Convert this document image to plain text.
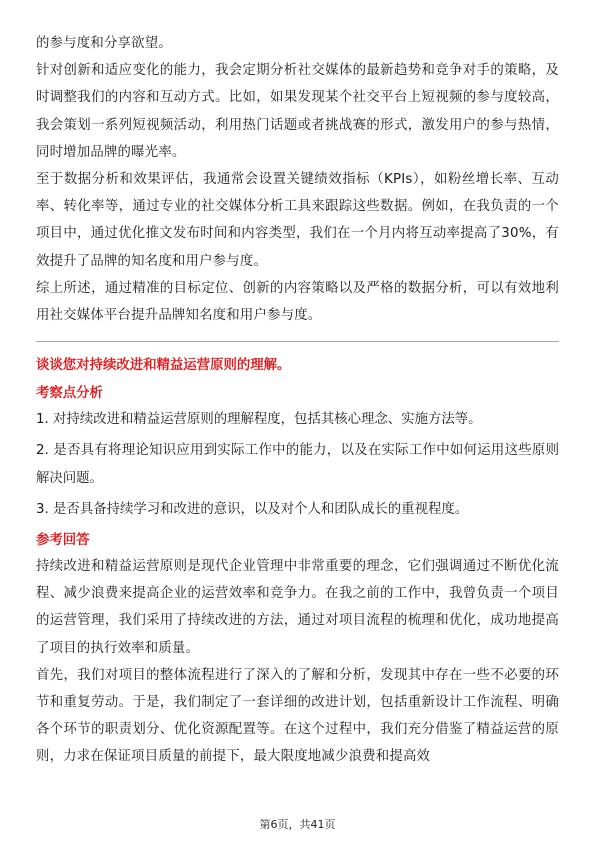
的参与度和分享欲望。

针对创新和适应变化的能力，我会定期分析社交媒体的最新趋势和竞争对手的策略，及时调整我们的内容和互动方式。比如，如果发现某个社交平台上短视频的参与度较高，我会策划一系列短视频活动，利用热门话题或者挑战赛的形式，激发用户的参与热情，同时增加品牌的曝光率。

至于数据分析和效果评估，我通常会设置关键绩效指标（KPIs），如粉丝增长率、互动率、转化率等，通过专业的社交媒体分析工具来跟踪这些数据。例如，在我负责的一个项目中，通过优化推文发布时间和内容类型，我们在一个月内将互动率提高了30%，有效提升了品牌的知名度和用户参与度。

综上所述，通过精准的目标定位、创新的内容策略以及严格的数据分析，可以有效地利用社交媒体平台提升品牌知名度和用户参与度。

谈谈您对持续改进和精益运营原则的理解。

考察点分析

1. 对持续改进和精益运营原则的理解程度，包括其核心理念、实施方法等。

2. 是否具有将理论知识应用到实际工作中的能力，以及在实际工作中如何运用这些原则解决问题。

3. 是否具备持续学习和改进的意识，以及对个人和团队成长的重视程度。

参考回答

持续改进和精益运营原则是现代企业管理中非常重要的理念，它们强调通过不断优化流程、减少浪费来提高企业的运营效率和竞争力。在我之前的工作中，我曾负责一个项目的运营管理，我们采用了持续改进的方法，通过对项目流程的梳理和优化，成功地提高了项目的执行效率和质量。

首先，我们对项目的整体流程进行了深入的了解和分析，发现其中存在一些不必要的环节和重复劳动。于是，我们制定了一套详细的改进计划，包括重新设计工作流程、明确各个环节的职责划分、优化资源配置等。在这个过程中，我们充分借鉴了精益运营的原则，力求在保证项目质量的前提下，最大限度地减少浪费和提高效

第6页，共41页
